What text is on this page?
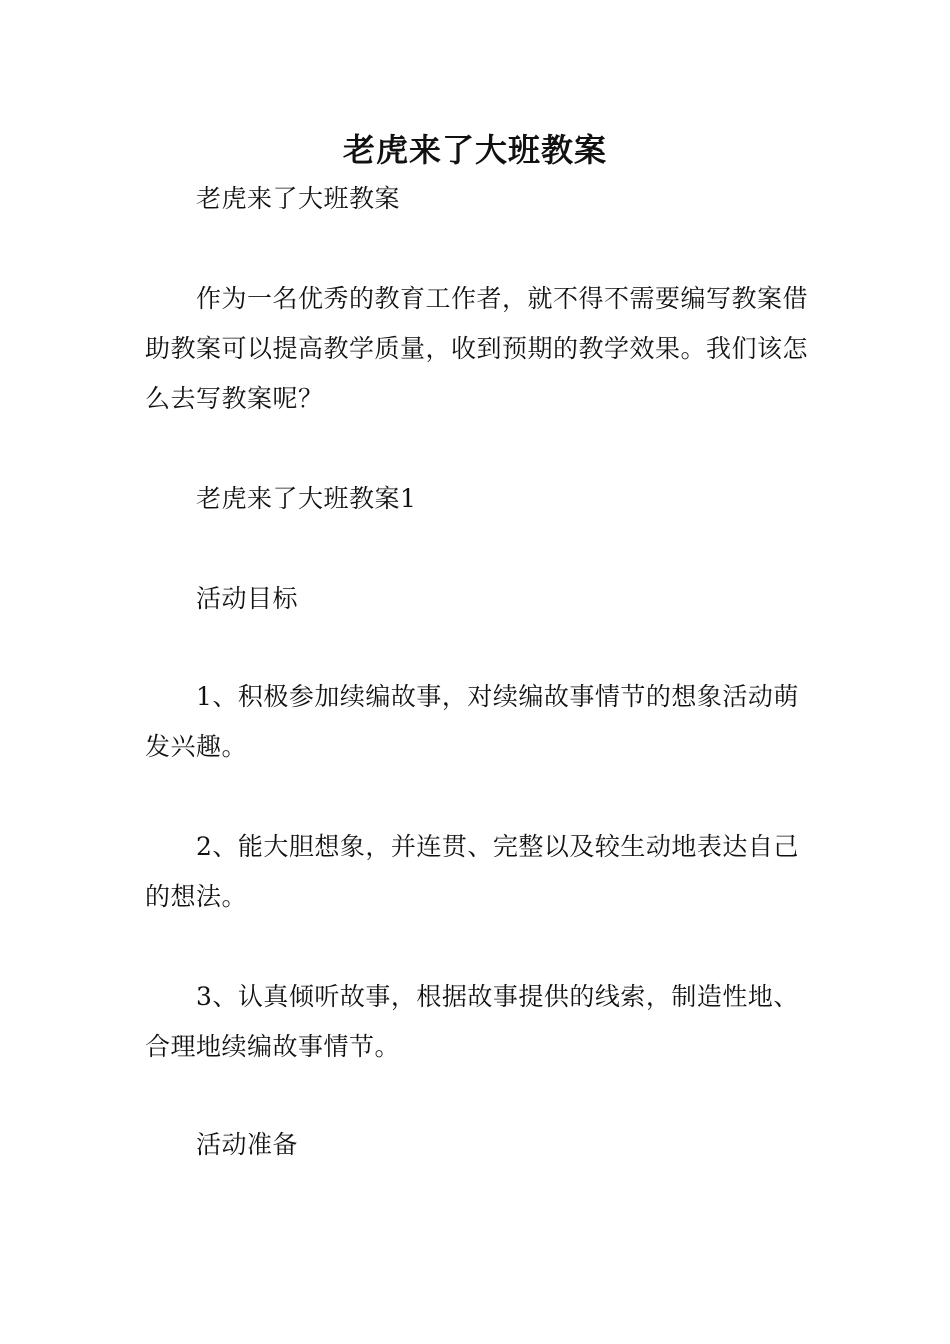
老虎来了大班教案

老虎来了大班教案

作为一名优秀的教育工作者，就不得不需要编写教案借助教案可以提高教学质量，收到预期的教学效果。我们该怎么去写教案呢？

老虎来了大班教案1

活动目标

1、积极参加续编故事，对续编故事情节的想象活动萌发兴趣。

2、能大胆想象，并连贯、完整以及较生动地表达自己的想法。

3、认真倾听故事，根据故事提供的线索，制造性地、合理地续编故事情节。

活动准备
